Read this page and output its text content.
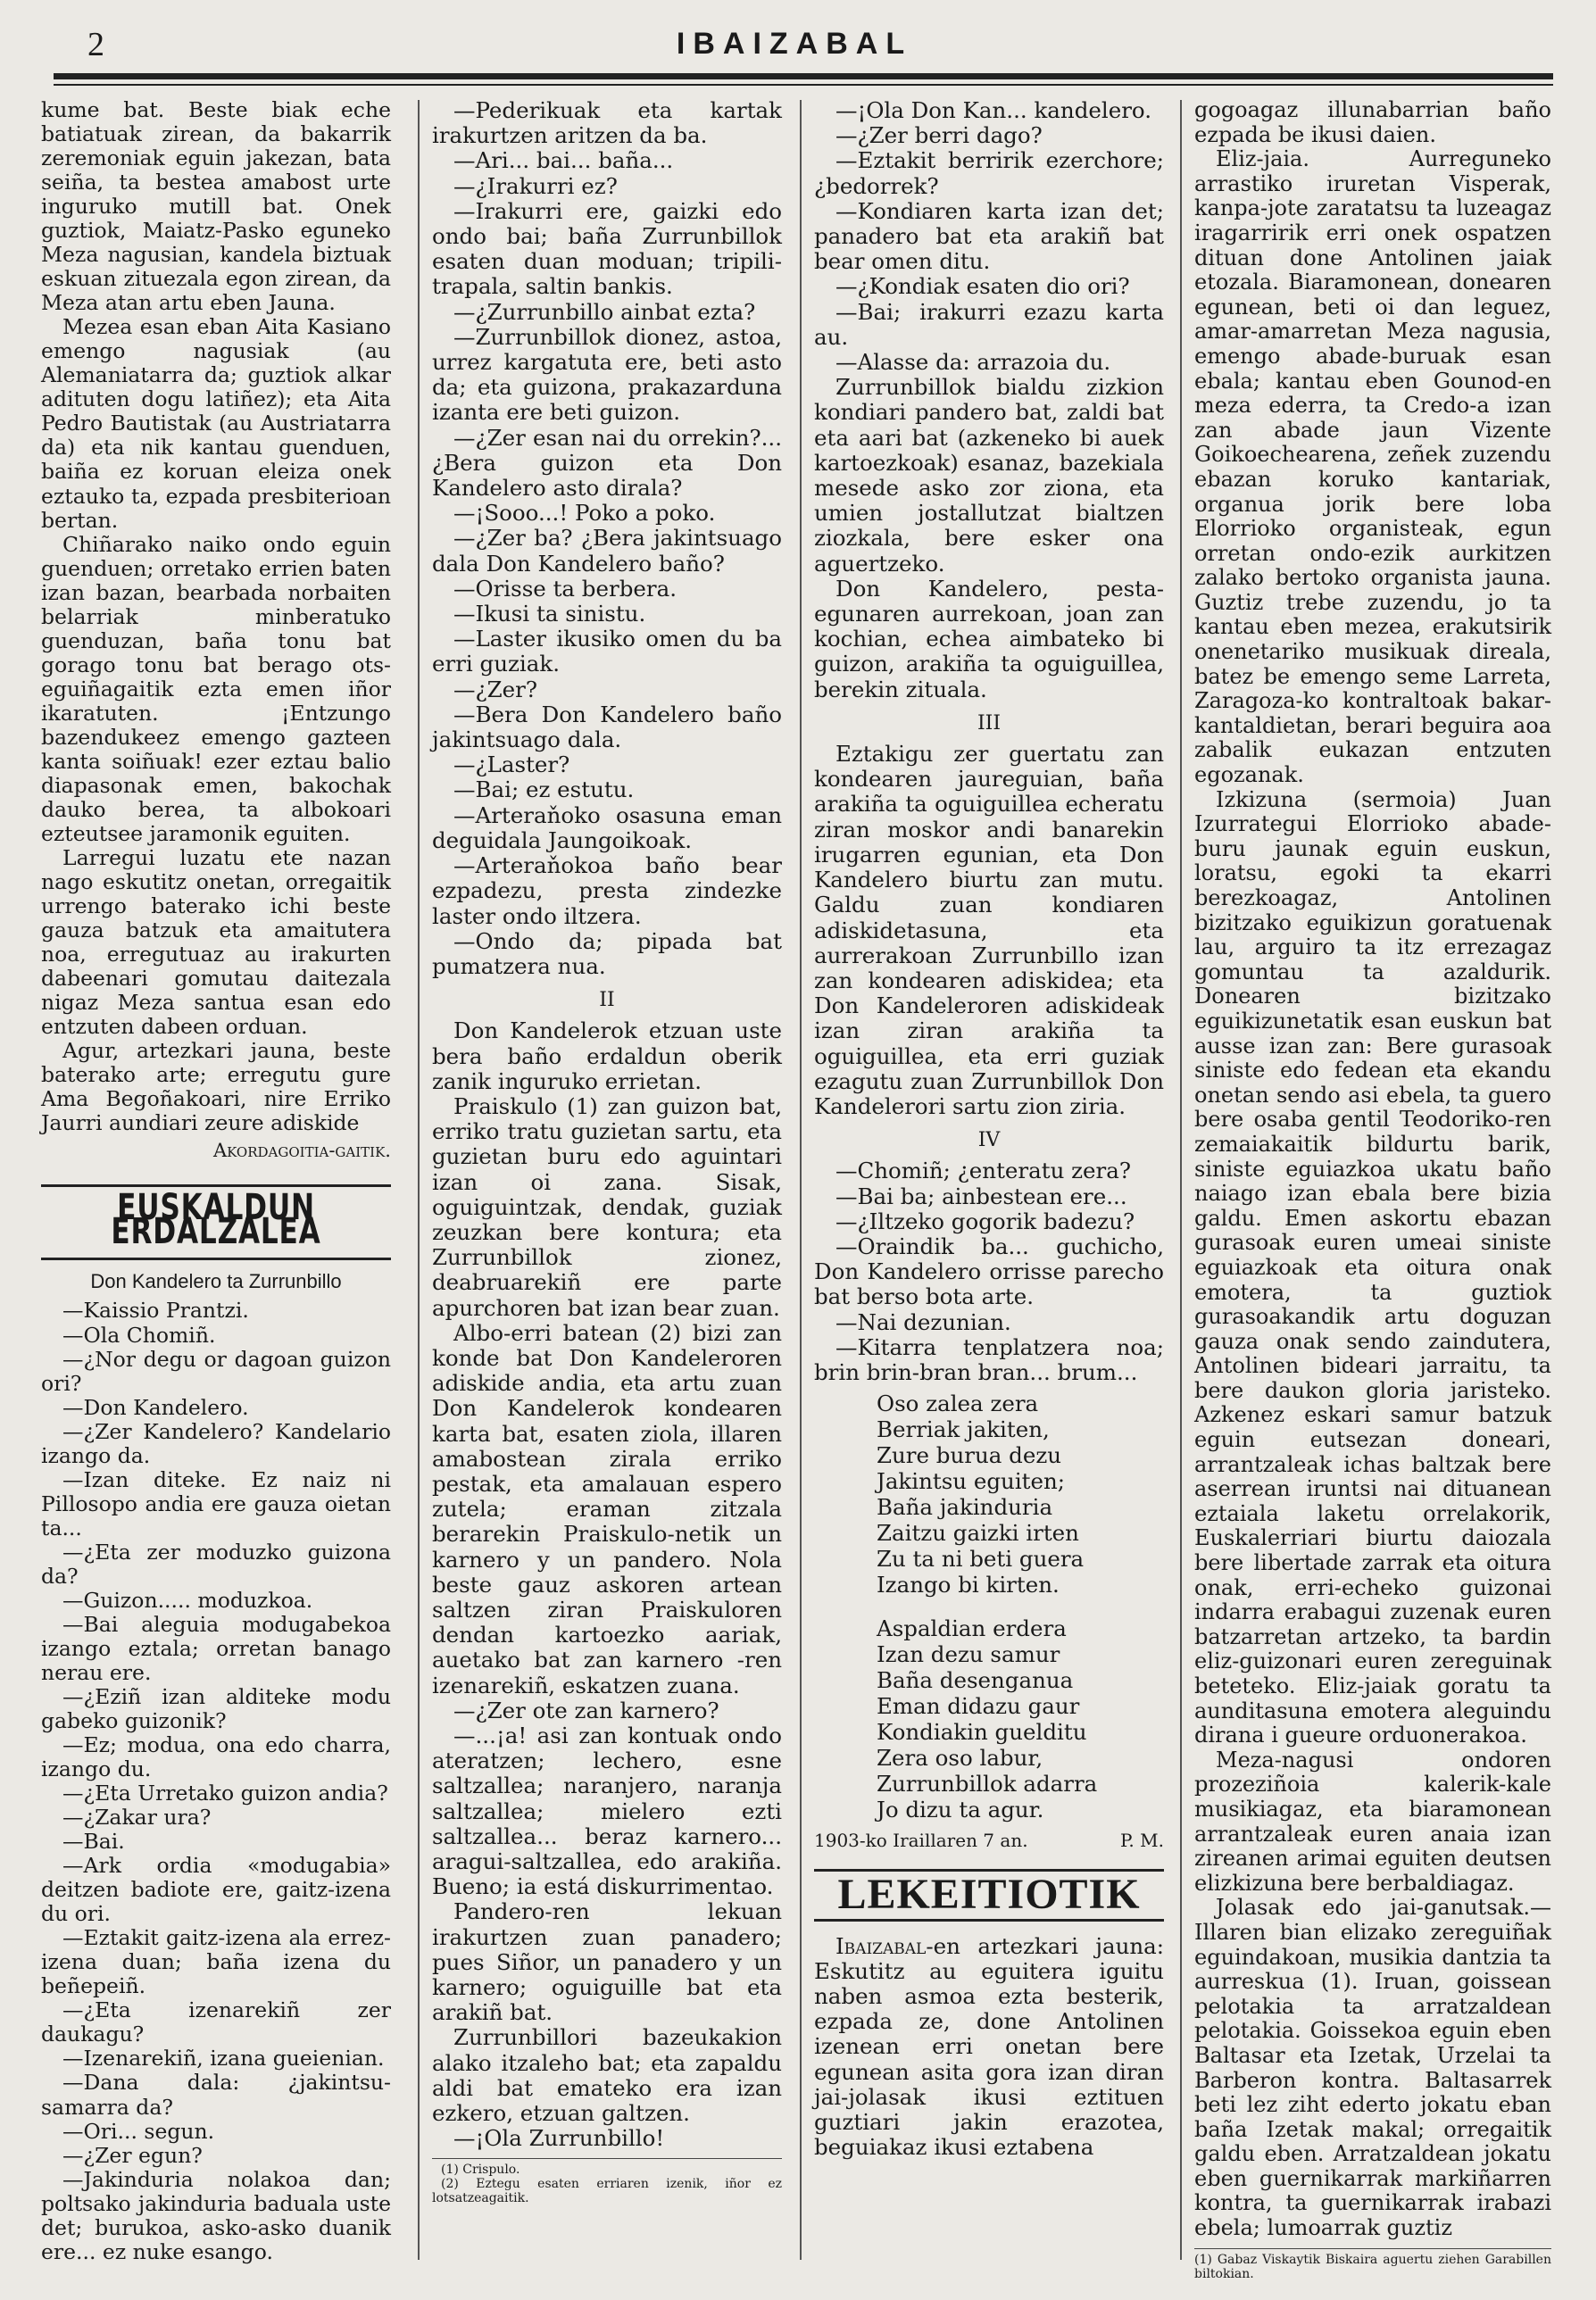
2	IBAIZABAL

kume bat. Beste biak eche batiatuak zirean, da bakarrik zeremoniak eguin jakezan, bata seiña, ta bestea amabost urte inguruko mutill bat. Onek guztiok, Maiatz-Pasko eguneko Meza nagusian, kandela biztuak eskuan zituezala egon zirean, da Meza atan artu eben Jauna.

Mezea esan eban Aita Kasiano emengo nagusiak (au Alemaniatarra da; guztiok alkar adituten dogu latiñez); eta Aita Pedro Bautistak (au Austriatarra da) eta nik kantau guenduen, baiña ez koruan eleiza onek eztauko ta, ezpada presbiterioan bertan.

Chiñarako naiko ondo eguin guenduen; orretako errien baten izan bazan, bearbada norbaiten belarriak minberatuko guenduzan, baña tonu bat gorago tonu bat berago ots-eguiñagaitik ezta emen iñor ikaratuten. ¡Entzungo bazendukeez emengo gazteen kanta soiñuak! ezer eztau balio diapasonak emen, bakochak dauko berea, ta albokoari ezteutsee jaramonik eguiten.

Larregui luzatu ete nazan nago eskutitz onetan, orregaitik urrengo baterako ichi beste gauza batzuk eta amaitutera noa, erregutuaz au irakurten dabeenari gomutau daitezala nigaz Meza santua esan edo entzuten dabeen orduan.

Agur, artezkari jauna, beste baterako arte; erregutu gure Ama Begoñakoari, nire Erriko Jaurri aundiari zeure adiskide

Akordagoitia-gaitik.

EUSKALDUN ERDALZALEA
Don Kandelero ta Zurrunbillo

—Kaissio Prantzi.

—Ola Chomiñ.

—¿Nor degu or dagoan guizon ori?

—Don Kandelero.

—¿Zer Kandelero? Kandelario izango da.

—Izan diteke. Ez naiz ni Pillosopo andia ere gauza oietan ta...

—¿Eta zer moduzko guizona da?

—Guizon..... moduzkoa.

—Bai aleguia modugabekoa izango eztala; orretan banago nerau ere.

—¿Eziñ izan alditeke modu gabeko guizonik?

—Ez; modua, ona edo charra, izango du.

—¿Eta Urretako guizon andia?

—¿Zakar ura?

—Bai.

—Ark ordia «modugabia» deitzen badiote ere, gaitz-izena du ori.

—Eztakit gaitz-izena ala errez-izena duan; baña izena du beñepeiñ.

—¿Eta izenarekiñ zer daukagu?

—Izenarekiñ, izana gueienian.

—Dana dala: ¿jakintsu-samarra da?

—Ori... segun.

—¿Zer egun?

—Jakinduria nolakoa dan; poltsako jakinduria baduala uste det; burukoa, asko-asko duanik ere... ez nuke esango.

—Pederikuak eta kartak irakurtzen aritzen da ba.

—Ari... bai... baña...

—¿Irakurri ez?

—Irakurri ere, gaizki edo ondo bai; baña Zurrunbillok esaten duan moduan; tripili-trapala, saltin bankis.

—¿Zurrunbillo ainbat ezta?

—Zurrunbillok dionez, astoa, urrez kargatuta ere, beti asto da; eta guizona, prakazarduna izanta ere beti guizon.

—¿Zer esan nai du orrekin?... ¿Bera guizon eta Don Kandelero asto dirala?

—¡Sooo...! Poko a poko.

—¿Zer ba? ¿Bera jakintsuago dala Don Kandelero baño?

—Orisse ta berbera.

—Ikusi ta sinistu.

—Laster ikusiko omen du ba erri guziak.

—¿Zer?

—Bera Don Kandelero baño jakintsuago dala.

—¿Laster?

—Bai; ez estutu.

—Arteraňoko osasuna eman deguidala Jaungoikoak.

—Arteraňokoa baño bear ezpadezu, presta zindezke laster ondo iltzera.

—Ondo da; pipada bat pumatzera nua.

II

Don Kandelerok etzuan uste bera baño erdaldun oberik zanik inguruko errietan.

Praiskulo (1) zan guizon bat, erriko tratu guzietan sartu, eta guzietan buru edo aguintari izan oi zana. Sisak, oguiguintzak, dendak, guziak zeuzkan bere kontura; eta Zurrunbillok zionez, deabruarekiñ ere parte apurchoren bat izan bear zuan.

Albo-erri batean (2) bizi zan konde bat Don Kandeleroren adiskide andia, eta artu zuan Don Kandelerok kondearen karta bat, esaten ziola, illaren amabostean zirala erriko pestak, eta amalauan espero zutela; eraman zitzala berarekin Praiskulo-netik un karnero y un pandero. Nola beste gauz askoren artean saltzen ziran Praiskuloren dendan kartoezko aariak, auetako bat zan karnero -ren izenarekiñ, eskatzen zuana.

—¿Zer ote zan karnero?

—...¡a! asi zan kontuak ondo ateratzen; lechero, esne saltzallea; naranjero, naranja saltzallea; mielero ezti saltzallea... beraz karnero... aragui-saltzallea, edo arakiña. Bueno; ia está diskurrimentao.

Pandero-ren lekuan irakurtzen zuan panadero; pues Siñor, un panadero y un karnero; oguiguille bat eta arakiñ bat.

Zurrunbillori bazeukakion alako itzaleho bat; eta zapaldu aldi bat emateko era izan ezkero, etzuan galtzen.

—¡Ola Zurrunbillo!

(1) Crispulo.
(2) Eztegu esaten erriaren izenik, iñor ez lotsatzeagaitik.

—¡Ola Don Kan... kandelero.

—¿Zer berri dago?

—Eztakit berririk ezerchore; ¿bedorrek?

—Kondiaren karta izan det; panadero bat eta arakiñ bat bear omen ditu.

—¿Kondiak esaten dio ori?

—Bai; irakurri ezazu karta au.

—Alasse da: arrazoia du.

Zurrunbillok bialdu zizkion kondiari pandero bat, zaldi bat eta aari bat (azkeneko bi auek kartoezkoak) esanaz, bazekiala mesede asko zor ziona, eta umien jostallutzat bialtzen ziozkala, bere esker ona aguertzeko.

Don Kandelero, pesta-egunaren aurrekoan, joan zan kochian, echea aimbateko bi guizon, arakiña ta oguiguillea, berekin zituala.

III

Eztakigu zer guertatu zan kondearen jaureguian, baña arakiña ta oguiguillea echeratu ziran moskor andi banarekin irugarren egunian, eta Don Kandelero biurtu zan mutu. Galdu zuan kondiaren adiskidetasuna, eta aurrerakoan Zurrunbillo izan zan kondearen adiskidea; eta Don Kandeleroren adiskideak izan ziran arakiña ta oguiguillea, eta erri guziak ezagutu zuan Zurrunbillok Don Kandelerori sartu zion ziria.

IV

—Chomiñ; ¿enteratu zera?

—Bai ba; ainbestean ere...

—¿Iltzeko gogorik badezu?

—Oraindik ba... guchicho, Don Kandelero orrisse parecho bat berso bota arte.

—Nai dezunian.

—Kitarra tenplatzera noa; brin brin-bran bran... brum...

Oso zalea zera
Berriak jakiten,
Zure burua dezu
Jakintsu eguiten;
Baña jakinduria
Zaitzu gaizki irten
Zu ta ni beti guera
Izango bi kirten.
Aspaldian erdera
Izan dezu samur
Baña desenganua
Eman didazu gaur
Kondiakin guelditu
Zera oso labur,
Zurrunbillok adarra
Jo dizu ta agur.
1903-ko Iraillaren 7 an.	P. M.
LEKEITIOTIK

Ibaizabal-en artezkari jauna: Eskutitz au eguitera iguitu naben asmoa ezta besterik, ezpada ze, done Antolinen izenean erri onetan bere egunean asita gora izan diran jai-jolasak ikusi eztituen guztiari jakin erazotea, beguiakaz ikusi eztabena

gogoagaz illunabarrian baño ezpada be ikusi daien.

Eliz-jaia. Aurreguneko arrastiko iruretan Visperak, kanpa-jote zaratatsu ta luzeagaz iragarririk erri onek ospatzen dituan done Antolinen jaiak etozala. Biaramonean, donearen egunean, beti oi dan leguez, amar-amarretan Meza nagusia, emengo abade-buruak esan ebala; kantau eben Gounod-en meza ederra, ta Credo-a izan zan abade jaun Vizente Goikoechearena, zeñek zuzendu ebazan koruko kantariak, organua jorik bere loba Elorrioko organisteak, egun orretan ondo-ezik aurkitzen zalako bertoko organista jauna. Guztiz trebe zuzendu, jo ta kantau eben mezea, erakutsirik onenetariko musikuak direala, batez be emengo seme Larreta, Zaragoza-ko kontraltoak bakar-kantaldietan, berari beguira aoa zabalik eukazan entzuten egozanak.

Izkizuna (sermoia) Juan Izurrategui Elorrioko abade-buru jaunak eguin euskun, loratsu, egoki ta ekarri berezkoagaz, Antolinen bizitzako eguikizun goratuenak lau, arguiro ta itz errezagaz gomuntau ta azaldurik. Donearen bizitzako eguikizunetatik esan euskun bat ausse izan zan: Bere gurasoak siniste edo fedean eta ekandu onetan sendo asi ebela, ta guero bere osaba gentil Teodoriko-ren zemaiakaitik bildurtu barik, siniste eguiazkoa ukatu baño naiago izan ebala bere bizia galdu. Emen askortu ebazan gurasoak euren umeai siniste eguiazkoak eta oitura onak emotera, ta guztiok gurasoakandik artu doguzan gauza onak sendo zaindutera, Antolinen bideari jarraitu, ta bere daukon gloria jaristeko. Azkenez eskari samur batzuk eguin eutsezan doneari, arrantzaleak ichas baltzak bere aserrean iruntsi nai dituanean eztaiala laketu orrelakorik, Euskalerriari biurtu daiozala bere libertade zarrak eta oitura onak, erri-echeko guizonai indarra erabagui zuzenak euren batzarretan artzeko, ta bardin eliz-guizonari euren zereguinak beteteko. Eliz-jaiak goratu ta aunditasuna emotera aleguindu dirana i gueure orduonerakoa.

Meza-nagusi ondoren prozeziñoia kalerik-kale musikiagaz, eta biaramonean arrantzaleak euren anaia izan zireanen arimai eguiten deutsen elizkizuna bere berbaldiagaz.

Jolasak edo jai-ganutsak.—Illaren bian elizako zereguiñak eguindakoan, musikia dantzia ta aurreskua (1). Iruan, goissean pelotakia ta arratzaldean pelotakia. Goissekoa eguin eben Baltasar eta Izetak, Urzelai ta Barberon kontra. Baltasarrek beti lez ziht ederto jokatu eban baña Izetak makal; orregaitik galdu eben. Arratzaldean jokatu eben guernikarrak markiñarren kontra, ta guernikarrak irabazi ebela; lumoarrak guztiz

(1) Gabaz Viskaytik Biskaira aguertu ziehen Garabillen biltokian.
